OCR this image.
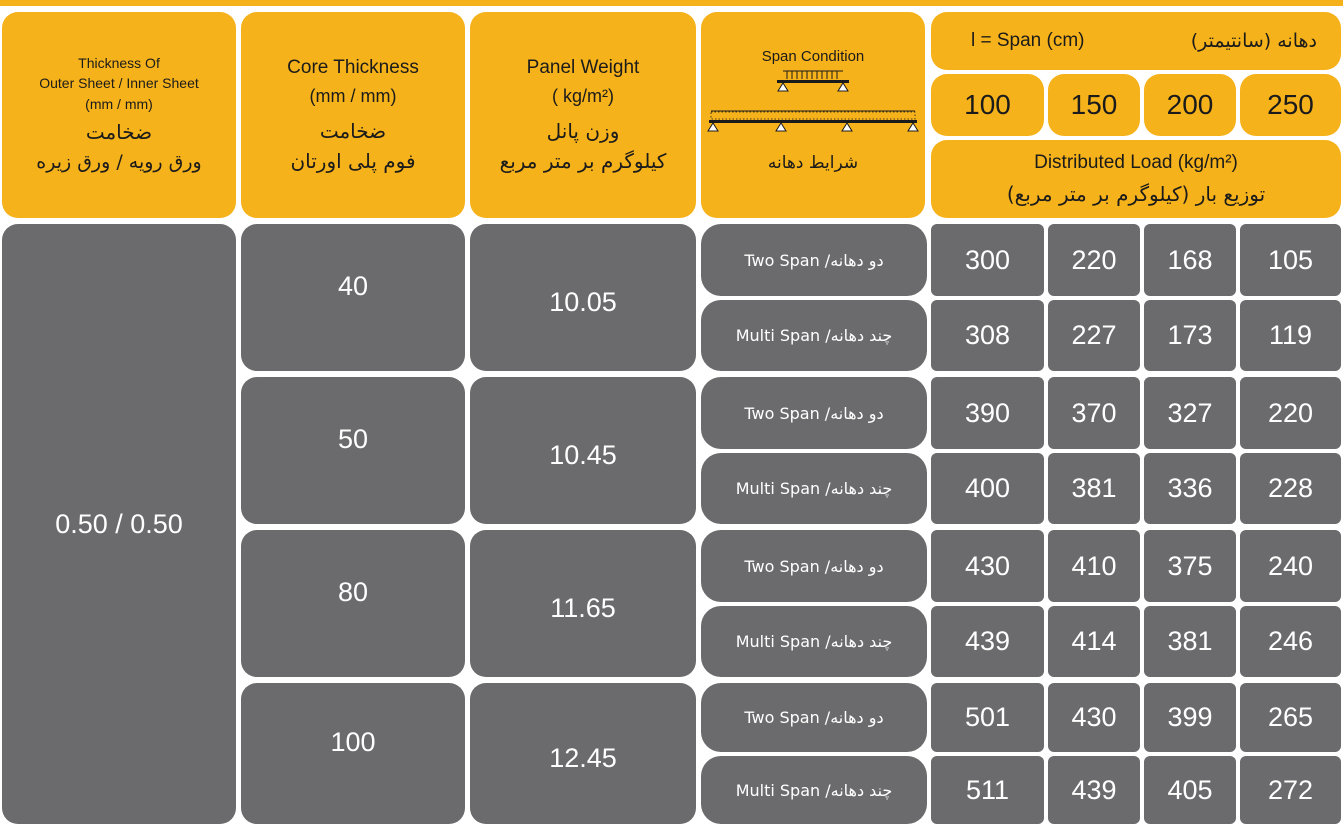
Thickness Of
Outer Sheet / Inner Sheet
(mm / mm)
ضخامت
ورق رویه / ورق زیره
Core Thickness
(mm / mm)
ضخامت
فوم پلی اورتان
Panel Weight
( kg/m²)
وزن پانل
کیلوگرم بر متر مربع
Span Condition
شرایط دهانه
l = Span (cm)	دهانه (سانتیمتر)
100 150 200 250
Distributed Load (kg/m²)
توزیع بار (کیلوگرم بر متر مربع)
0.50 / 0.50
40
10.05
50
10.45
80
11.65
100
12.45
Two Span /دو دهانه
Multi Span /چند دهانه
Two Span /دو دهانه
Multi Span /چند دهانه
Two Span /دو دهانه
Multi Span /چند دهانه
Two Span /دو دهانه
Multi Span /چند دهانه
300 220 168 105
308 227 173 119
390 370 327 220
400 381 336 228
430 410 375 240
439 414 381 246
501 430 399 265
511 439 405 272
